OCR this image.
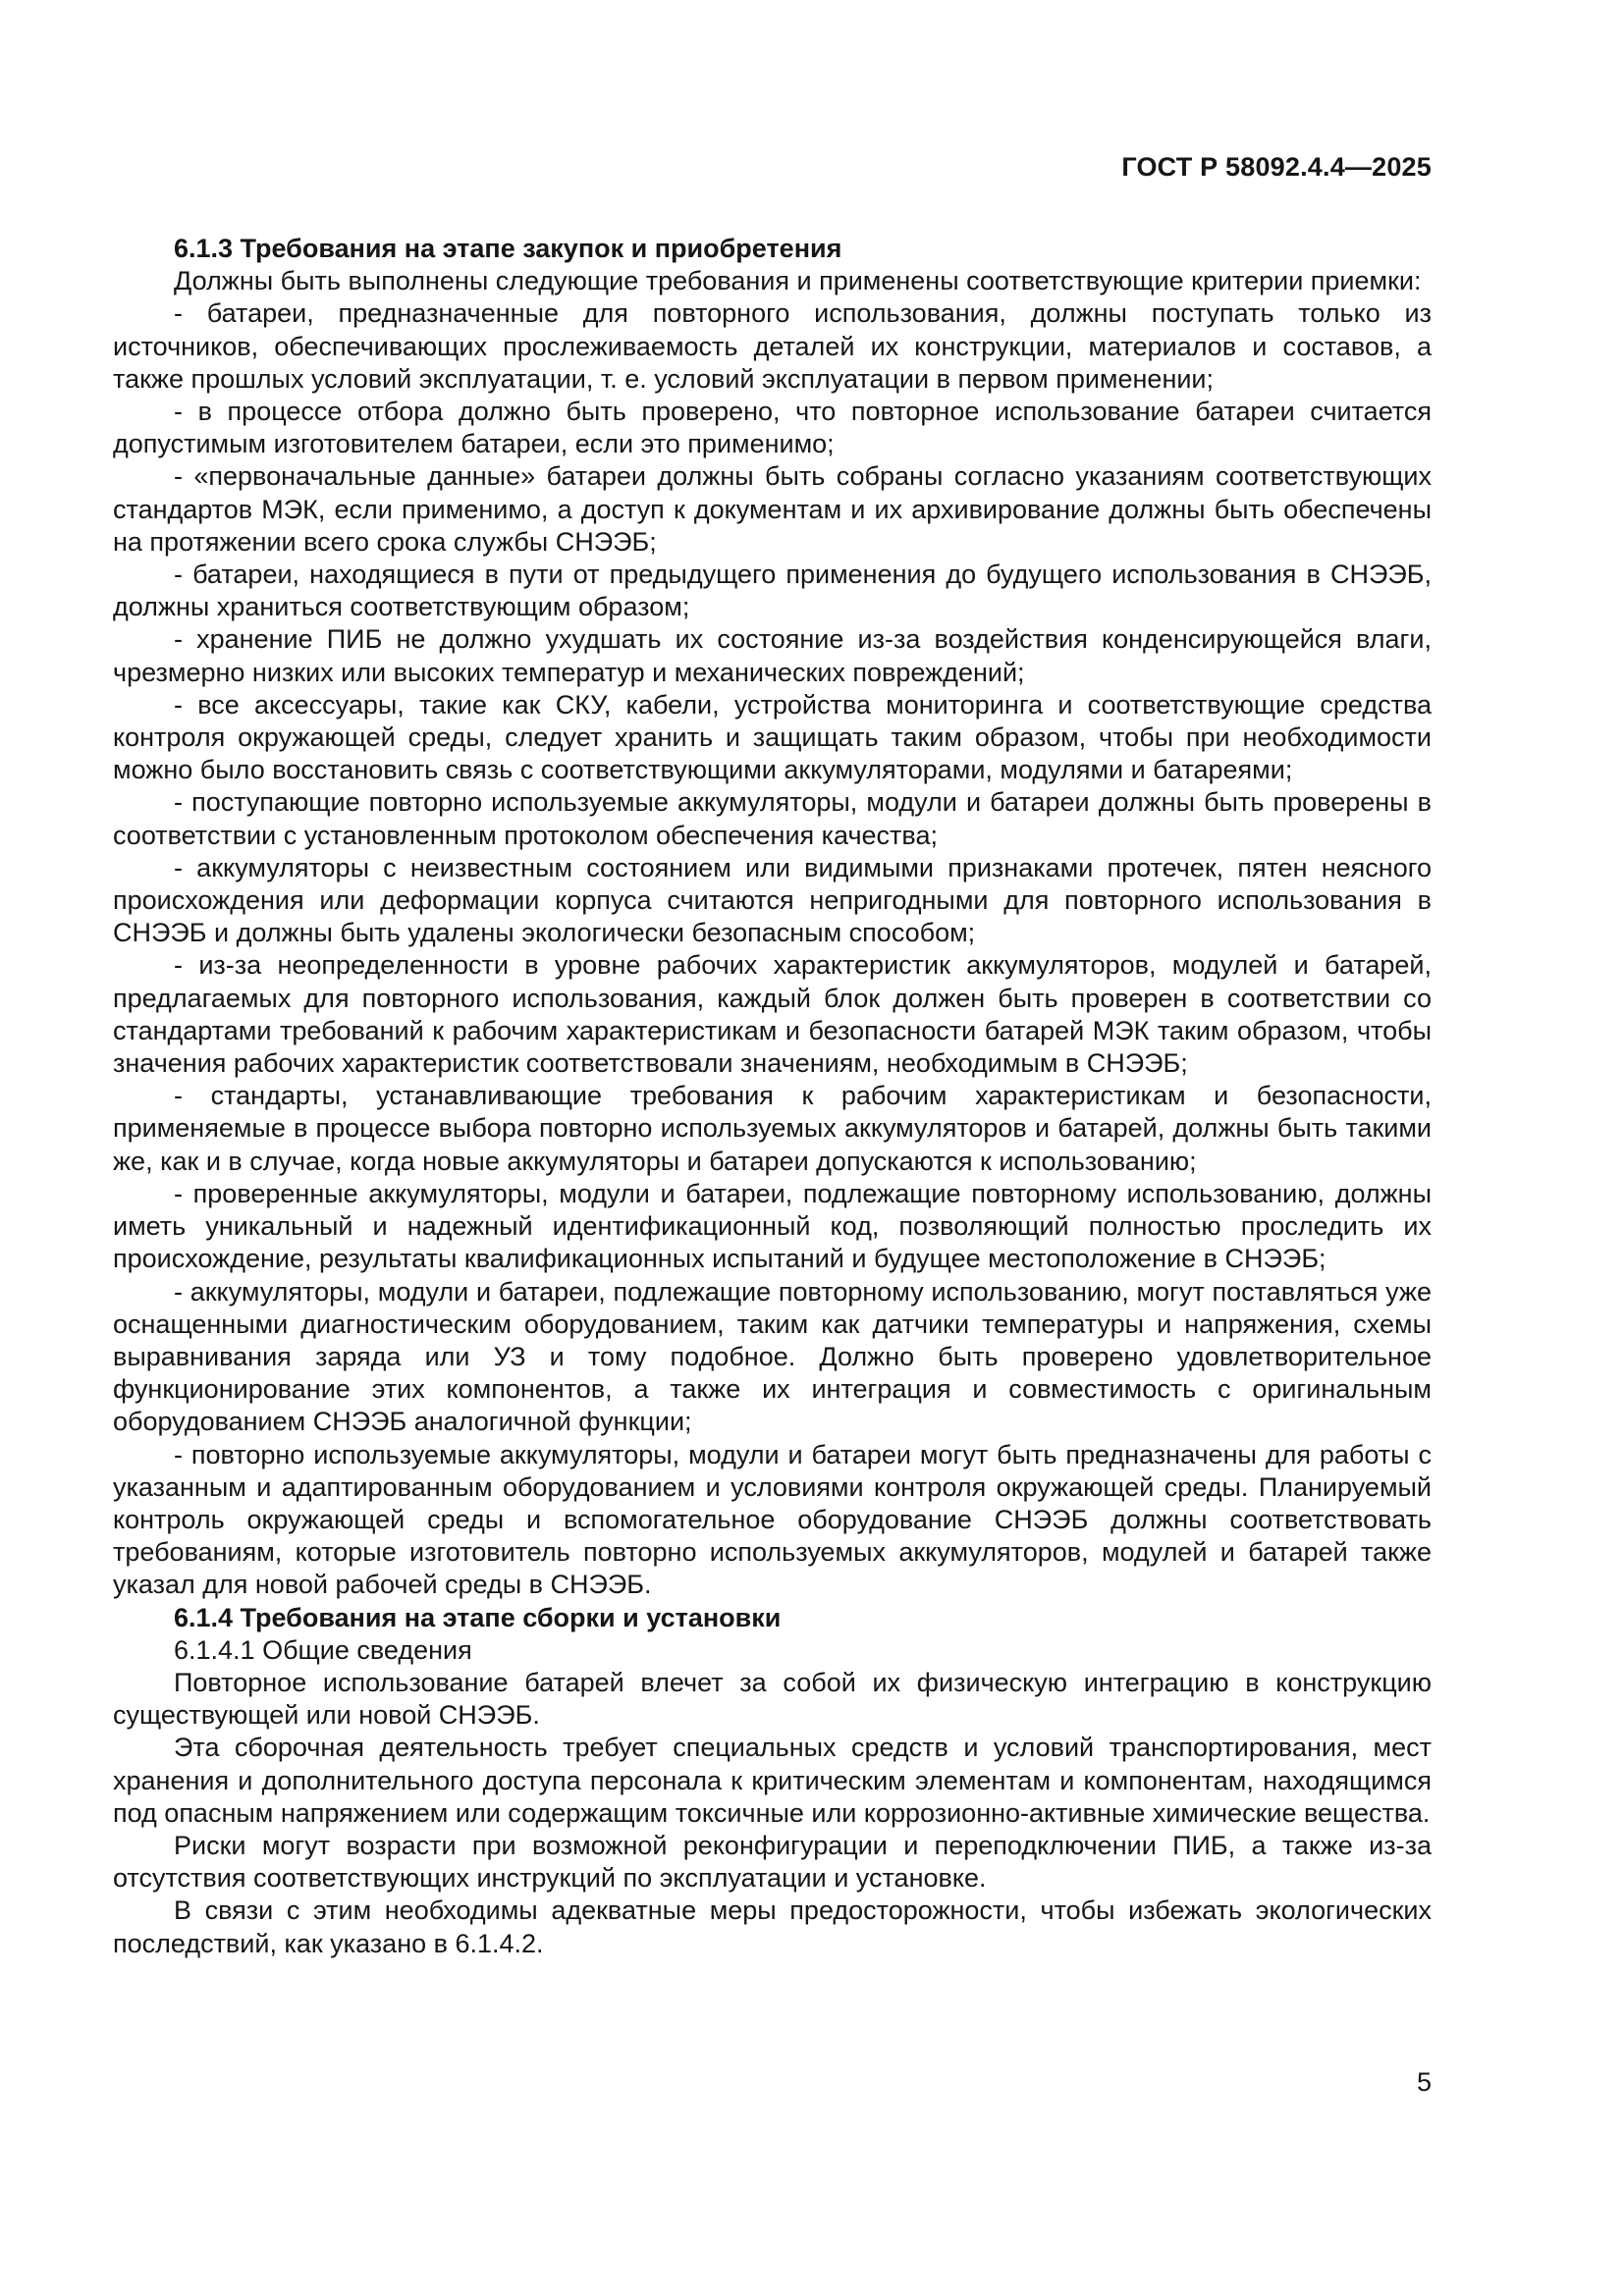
ГОСТ Р 58092.4.4—2025

6.1.3 Требования на этапе закупок и приобретения

Должны быть выполнены следующие требования и применены соответствующие критерии приемки:

- батареи, предназначенные для повторного использования, должны поступать только из источников, обеспечивающих прослеживаемость деталей их конструкции, материалов и составов, а также прошлых условий эксплуатации, т. е. условий эксплуатации в первом применении;

- в процессе отбора должно быть проверено, что повторное использование батареи считается допустимым изготовителем батареи, если это применимо;

- «первоначальные данные» батареи должны быть собраны согласно указаниям соответствующих стандартов МЭК, если применимо, а доступ к документам и их архивирование должны быть обеспечены на протяжении всего срока службы СНЭЭБ;

- батареи, находящиеся в пути от предыдущего применения до будущего использования в СНЭЭБ, должны храниться соответствующим образом;

- хранение ПИБ не должно ухудшать их состояние из-за воздействия конденсирующейся влаги, чрезмерно низких или высоких температур и механических повреждений;

- все аксессуары, такие как СКУ, кабели, устройства мониторинга и соответствующие средства контроля окружающей среды, следует хранить и защищать таким образом, чтобы при необходимости можно было восстановить связь с соответствующими аккумуляторами, модулями и батареями;

- поступающие повторно используемые аккумуляторы, модули и батареи должны быть проверены в соответствии с установленным протоколом обеспечения качества;

- аккумуляторы с неизвестным состоянием или видимыми признаками протечек, пятен неясного происхождения или деформации корпуса считаются непригодными для повторного использования в СНЭЭБ и должны быть удалены экологически безопасным способом;

- из-за неопределенности в уровне рабочих характеристик аккумуляторов, модулей и батарей, предлагаемых для повторного использования, каждый блок должен быть проверен в соответствии со стандартами требований к рабочим характеристикам и безопасности батарей МЭК таким образом, чтобы значения рабочих характеристик соответствовали значениям, необходимым в СНЭЭБ;

- стандарты, устанавливающие требования к рабочим характеристикам и безопасности, применяемые в процессе выбора повторно используемых аккумуляторов и батарей, должны быть такими же, как и в случае, когда новые аккумуляторы и батареи допускаются к использованию;

- проверенные аккумуляторы, модули и батареи, подлежащие повторному использованию, должны иметь уникальный и надежный идентификационный код, позволяющий полностью проследить их происхождение, результаты квалификационных испытаний и будущее местоположение в СНЭЭБ;

- аккумуляторы, модули и батареи, подлежащие повторному использованию, могут поставляться уже оснащенными диагностическим оборудованием, таким как датчики температуры и напряжения, схемы выравнивания заряда или УЗ и тому подобное. Должно быть проверено удовлетворительное функционирование этих компонентов, а также их интеграция и совместимость с оригинальным оборудованием СНЭЭБ аналогичной функции;

- повторно используемые аккумуляторы, модули и батареи могут быть предназначены для работы с указанным и адаптированным оборудованием и условиями контроля окружающей среды. Планируемый контроль окружающей среды и вспомогательное оборудование СНЭЭБ должны соответствовать требованиям, которые изготовитель повторно используемых аккумуляторов, модулей и батарей также указал для новой рабочей среды в СНЭЭБ.

6.1.4 Требования на этапе сборки и установки

6.1.4.1 Общие сведения

Повторное использование батарей влечет за собой их физическую интеграцию в конструкцию существующей или новой СНЭЭБ.

Эта сборочная деятельность требует специальных средств и условий транспортирования, мест хранения и дополнительного доступа персонала к критическим элементам и компонентам, находящимся под опасным напряжением или содержащим токсичные или коррозионно-активные химические вещества.

Риски могут возрасти при возможной реконфигурации и переподключении ПИБ, а также из-за отсутствия соответствующих инструкций по эксплуатации и установке.

В связи с этим необходимы адекватные меры предосторожности, чтобы избежать экологических последствий, как указано в 6.1.4.2.

5
